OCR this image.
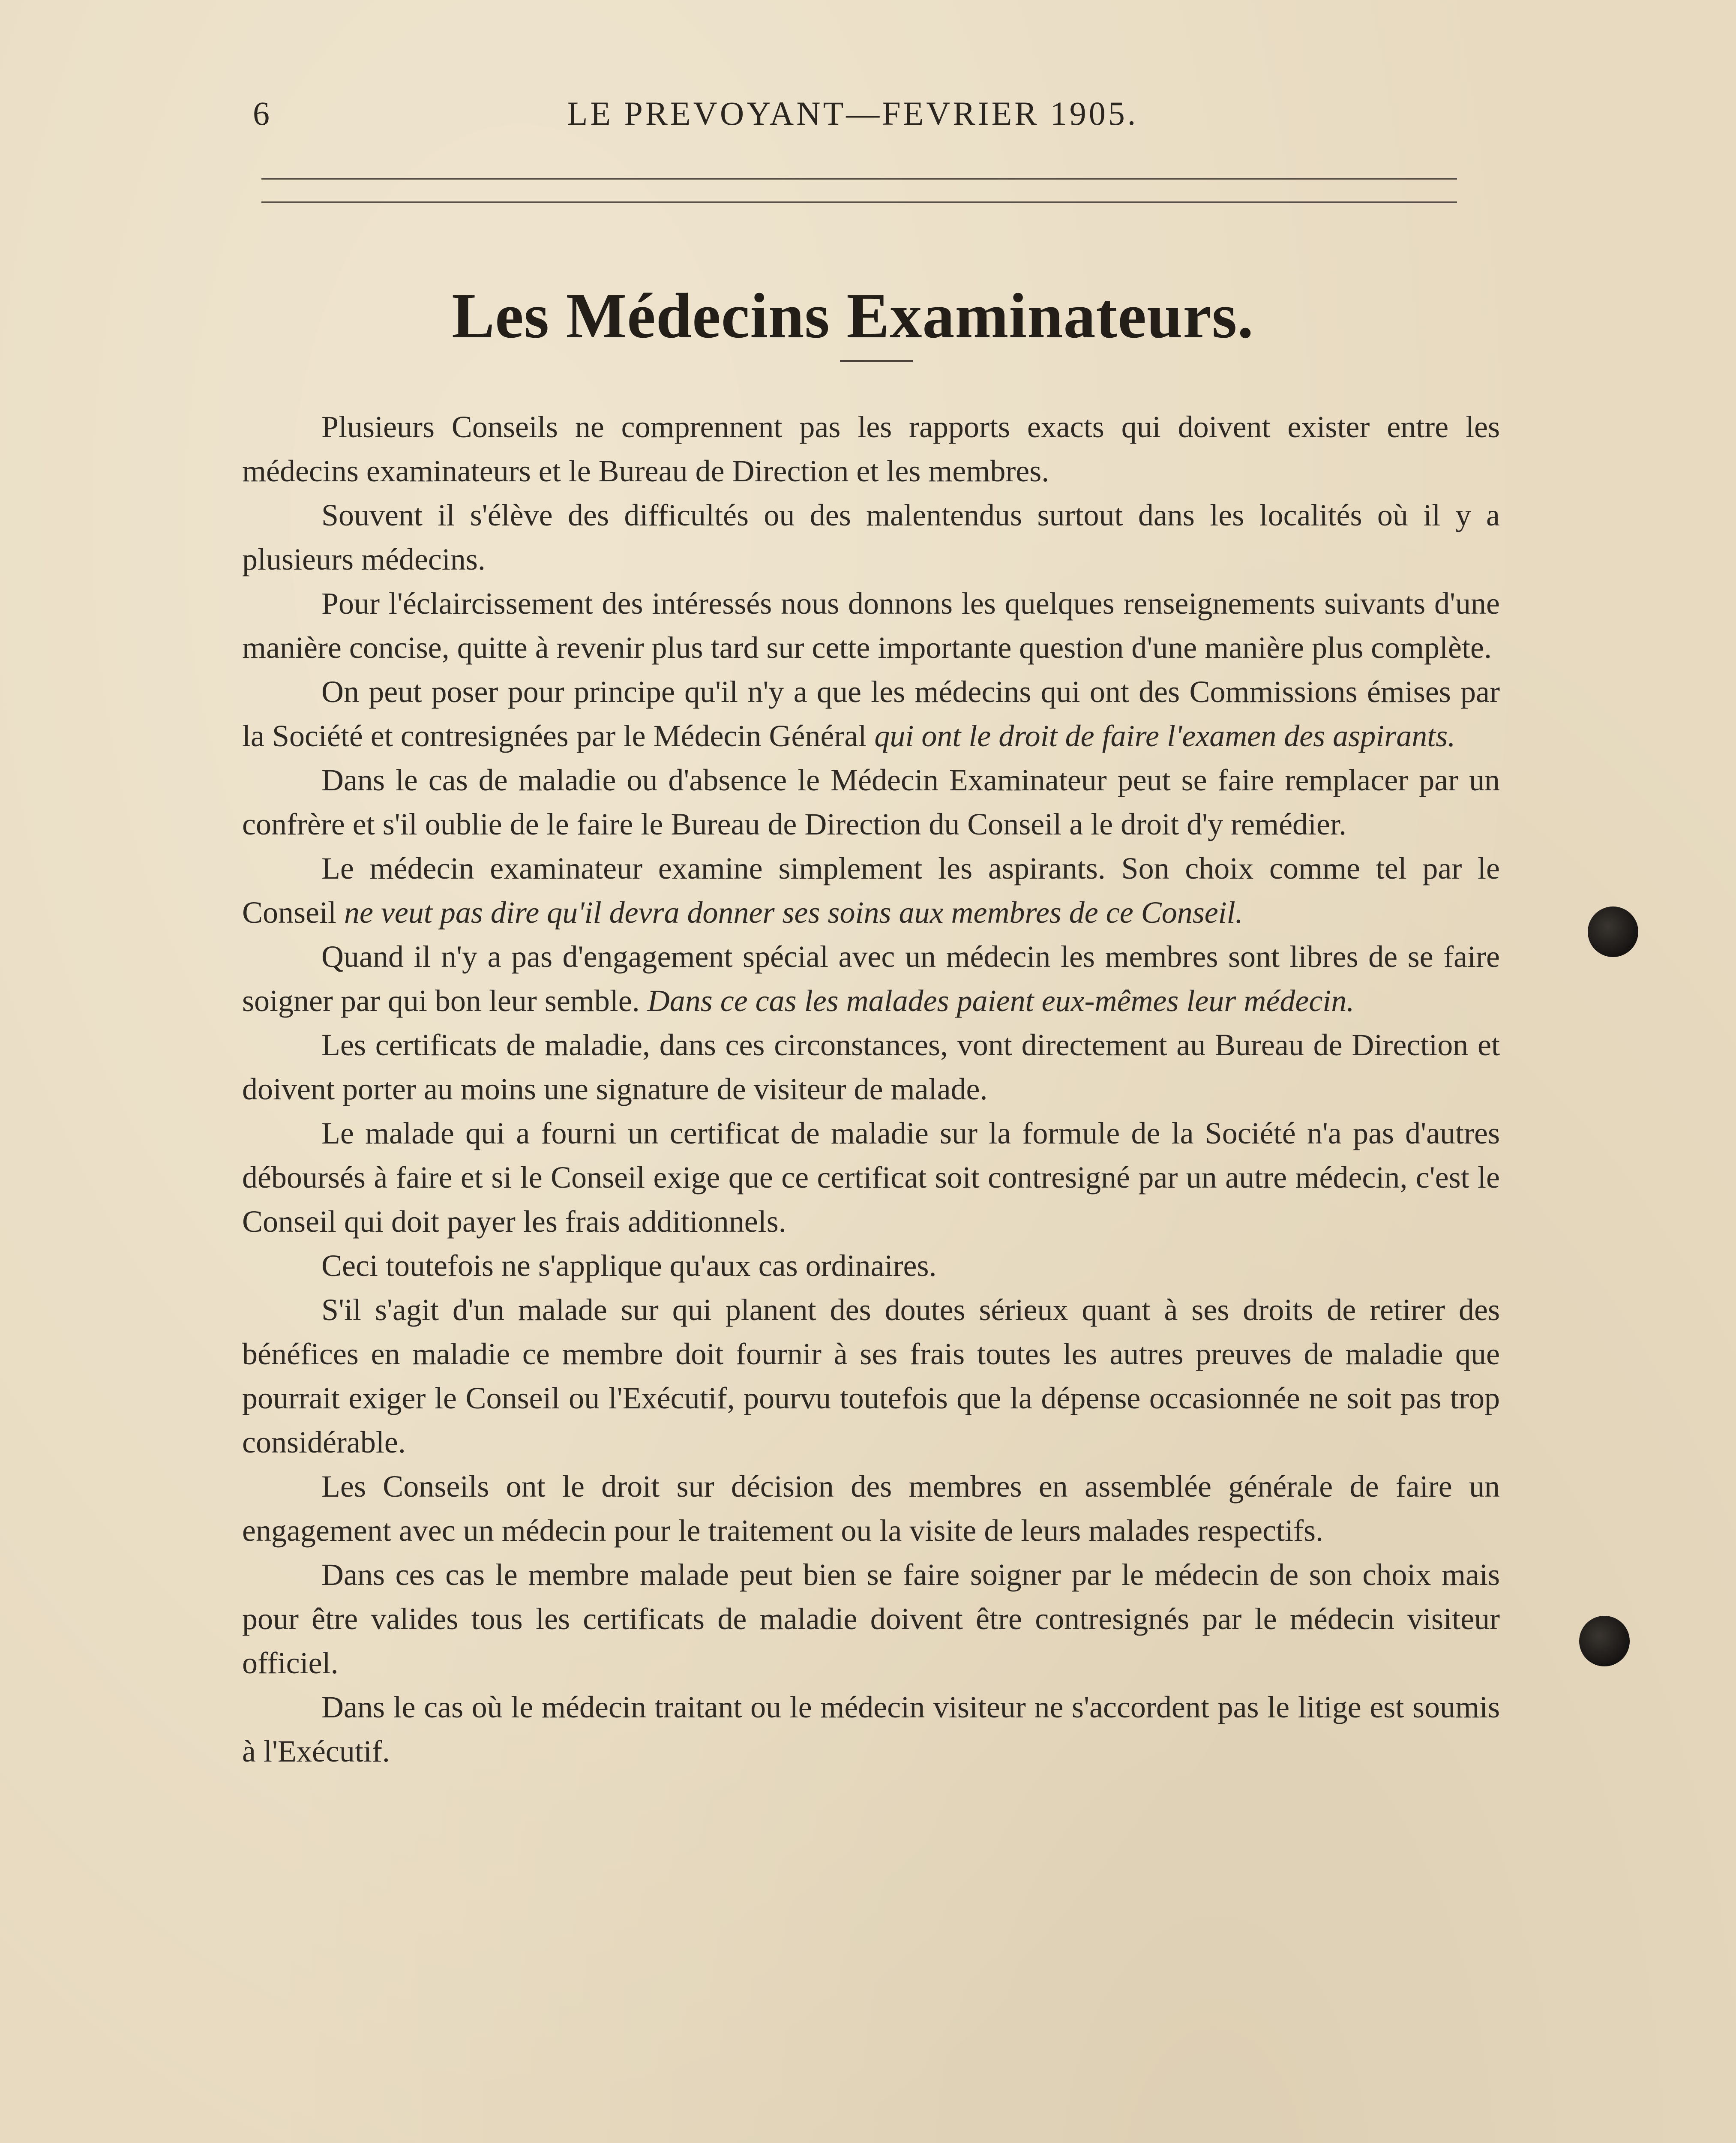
6	LE PREVOYANT—FEVRIER 1905.
Les Médecins Examinateurs.

Plusieurs Conseils ne comprennent pas les rapports exacts qui doivent exister entre les médecins examinateurs et le Bureau de Direction et les membres.

Souvent il s'élève des difficultés ou des malentendus surtout dans les localités où il y a plusieurs médecins.

Pour l'éclaircissement des intéressés nous donnons les quelques renseignements suivants d'une manière concise, quitte à revenir plus tard sur cette importante question d'une manière plus complète.

On peut poser pour principe qu'il n'y a que les médecins qui ont des Commissions émises par la Société et contresignées par le Médecin Général qui ont le droit de faire l'examen des aspirants.

Dans le cas de maladie ou d'absence le Médecin Examinateur peut se faire remplacer par un confrère et s'il oublie de le faire le Bureau de Direction du Conseil a le droit d'y remédier.

Le médecin examinateur examine simplement les aspirants. Son choix comme tel par le Conseil ne veut pas dire qu'il devra donner ses soins aux membres de ce Conseil.

Quand il n'y a pas d'engagement spécial avec un médecin les membres sont libres de se faire soigner par qui bon leur semble. Dans ce cas les malades paient eux-mêmes leur médecin.

Les certificats de maladie, dans ces circonstances, vont directement au Bureau de Direction et doivent porter au moins une signature de visiteur de malade.

Le malade qui a fourni un certificat de maladie sur la formule de la Société n'a pas d'autres déboursés à faire et si le Conseil exige que ce certificat soit contresigné par un autre médecin, c'est le Conseil qui doit payer les frais additionnels.

Ceci toutefois ne s'applique qu'aux cas ordinaires.

S'il s'agit d'un malade sur qui planent des doutes sérieux quant à ses droits de retirer des bénéfices en maladie ce membre doit fournir à ses frais toutes les autres preuves de maladie que pourrait exiger le Conseil ou l'Exécutif, pourvu toutefois que la dépense occasionnée ne soit pas trop considérable.

Les Conseils ont le droit sur décision des membres en assemblée générale de faire un engagement avec un médecin pour le traitement ou la visite de leurs malades respectifs.

Dans ces cas le membre malade peut bien se faire soigner par le médecin de son choix mais pour être valides tous les certificats de maladie doivent être contresignés par le médecin visiteur officiel.

Dans le cas où le médecin traitant ou le médecin visiteur ne s'accordent pas le litige est soumis à l'Exécutif.
